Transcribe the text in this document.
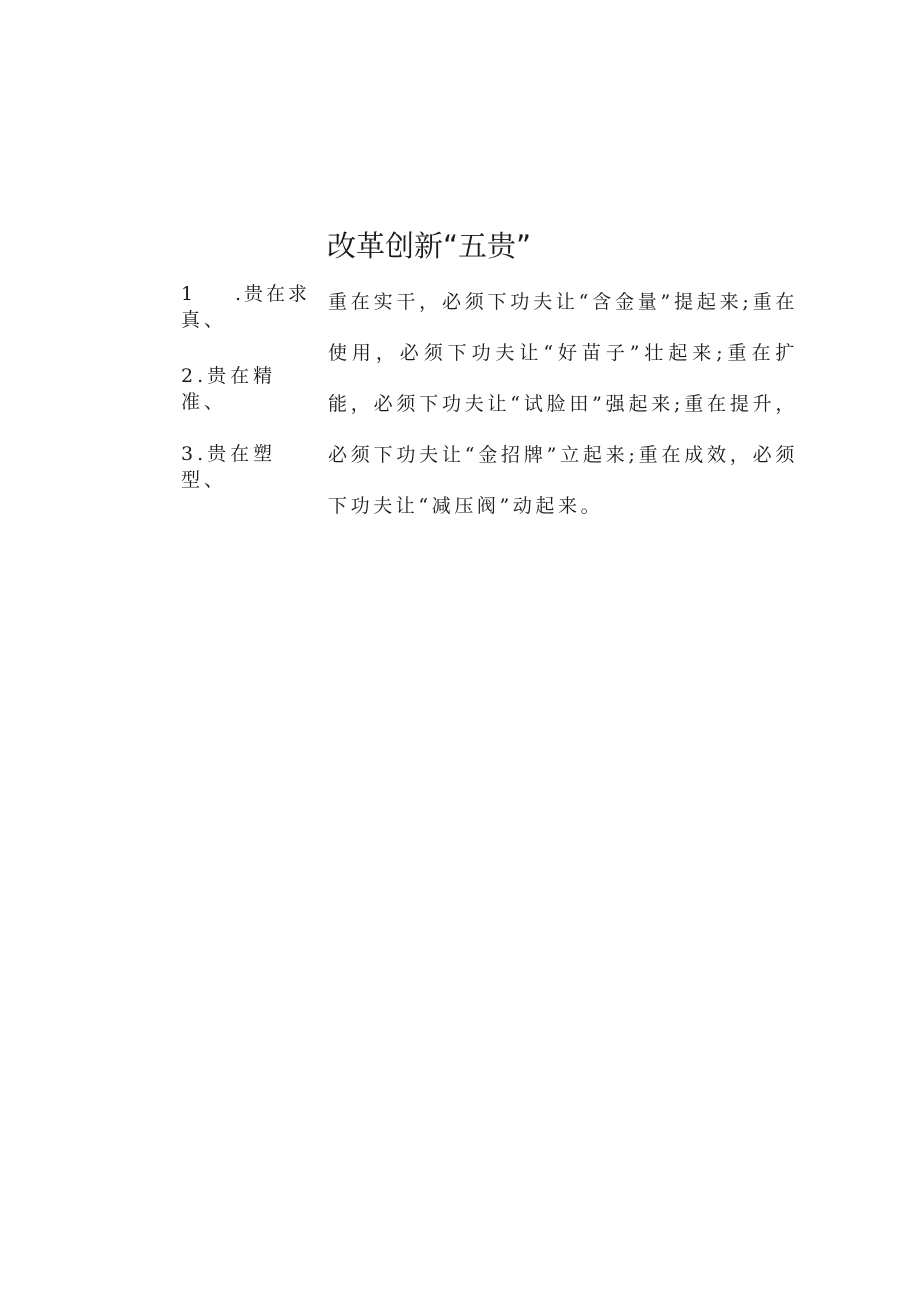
改革创新“五贵”
1 .贵在求
真、
2.贵在精
准、
3.贵在塑
型、

重在实干，必须下功夫让“含金量”提起来;重在使用，必须下功夫让“好苗子”壮起来;重在扩能，必须下功夫让“试脸田”强起来;重在提升，必须下功夫让“金招牌”立起来;重在成效，必须下功夫让“减压阀”动起来。
